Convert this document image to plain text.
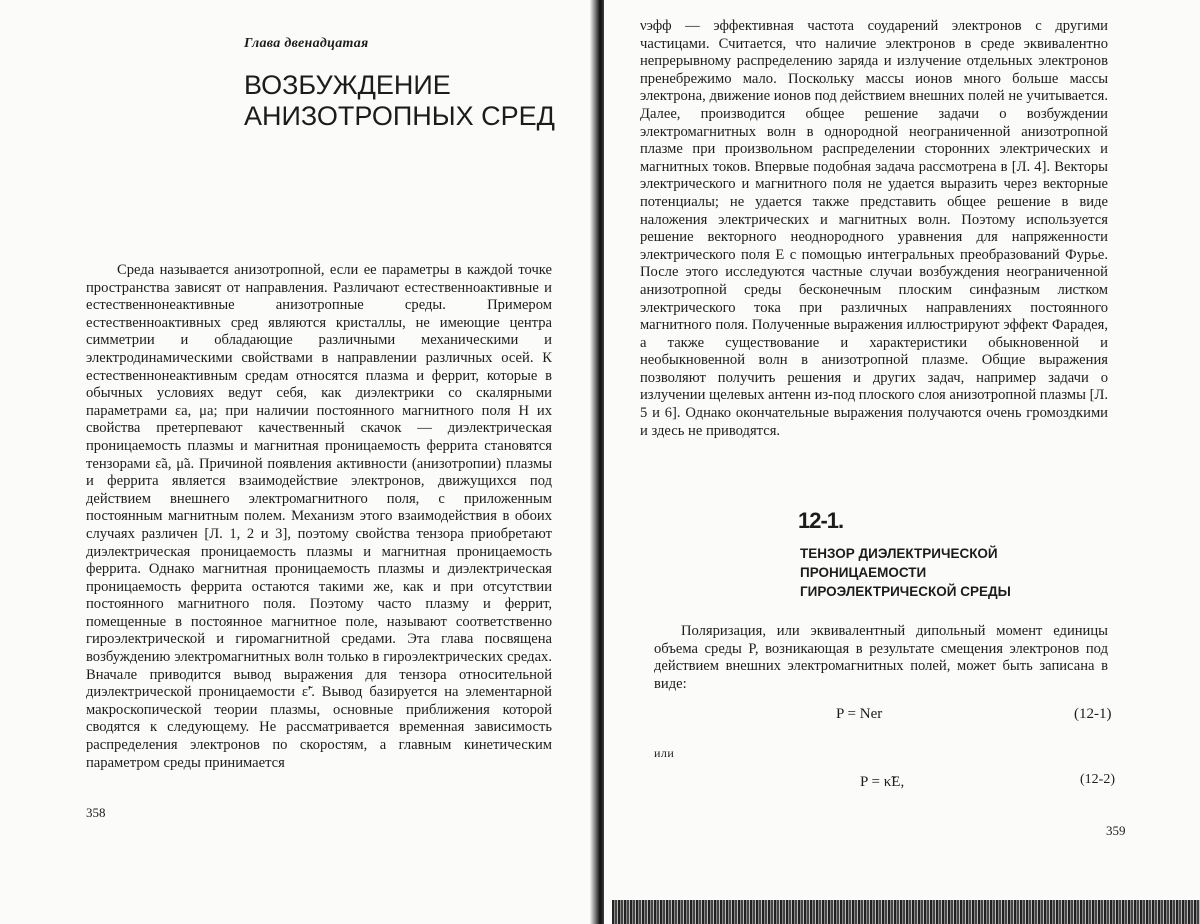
Глава двенадцатая
ВОЗБУЖДЕНИЕ
АНИЗОТРОПНЫХ СРЕД

Среда называется анизотропной, если ее параметры в каждой точке пространства зависят от направления. Различают естественноактивные и естественнонеактивные анизотропные среды. Примером естественноактивных сред являются кристаллы, не имеющие центра симметрии и обладающие различными механическими и электродинамическими свойствами в направлении различных осей. К естественнонеактивным средам относятся плазма и феррит, которые в обычных условиях ведут себя, как диэлектрики со скалярными параметрами εa, μa; при наличии постоянного магнитного поля H их свойства претерпевают качественный скачок — диэлектрическая проницаемость плазмы и магнитная проницаемость феррита становятся тензорами ε̃a, μ̃a. Причиной появления активности (анизотропии) плазмы и феррита является взаимодействие электронов, движущихся под действием внешнего электромагнитного поля, с приложенным постоянным магнитным полем. Механизм этого взаимодействия в обоих случаях различен [Л. 1, 2 и 3], поэтому свойства тензора приобретают диэлектрическая проницаемость плазмы и магнитная проницаемость феррита. Однако магнитная проницаемость плазмы и диэлектрическая проницаемость феррита остаются такими же, как и при отсутствии постоянного магнитного поля. Поэтому часто плазму и феррит, помещенные в постоянное магнитное поле, называют соответственно гироэлектрической и гиромагнитной средами. Эта глава посвящена возбуждению электромагнитных волн только в гироэлектрических средах. Вначале приводится вывод выражения для тензора относительной диэлектрической проницаемости ε̃′. Вывод базируется на элементарной макроскопической теории плазмы, основные приближения которой сводятся к следующему. Не рассматривается временная зависимость распределения электронов по скоростям, а главным кинетическим параметром среды принимается

358

νэфф — эффективная частота соударений электронов с другими частицами. Считается, что наличие электронов в среде эквивалентно непрерывному распределению заряда и излучение отдельных электронов пренебрежимо мало. Поскольку массы ионов много больше массы электрона, движение ионов под действием внешних полей не учитывается. Далее, производится общее решение задачи о возбуждении электромагнитных волн в однородной неограниченной анизотропной плазме при произвольном распределении сторонних электрических и магнитных токов. Впервые подобная задача рассмотрена в [Л. 4]. Векторы электрического и магнитного поля не удается выразить через векторные потенциалы; не удается также представить общее решение в виде наложения электрических и магнитных волн. Поэтому используется решение векторного неоднородного уравнения для напряженности электрического поля E с помощью интегральных преобразований Фурье. После этого исследуются частные случаи возбуждения неограниченной анизотропной среды бесконечным плоским синфазным листком электрического тока при различных направлениях постоянного магнитного поля. Полученные выражения иллюстрируют эффект Фарадея, а также существование и характеристики обыкновенной и необыкновенной волн в анизотропной плазме. Общие выражения позволяют получить решения и других задач, например задачи о излучении щелевых антенн из-под плоского слоя анизотропной плазмы [Л. 5 и 6]. Однако окончательные выражения получаются очень громоздкими и здесь не приводятся.

12-1.
ТЕНЗОР ДИЭЛЕКТРИЧЕСКОЙ
ПРОНИЦАЕМОСТИ
ГИРОЭЛЕКТРИЧЕСКОЙ СРЕДЫ

Поляризация, или эквивалентный дипольный момент единицы объема среды P, возникающая в результате смещения электронов под действием внешних электромагнитных полей, может быть записана в виде:

P = Ner	(12-1)
или
P = κ̃E,	(12-2)
359
